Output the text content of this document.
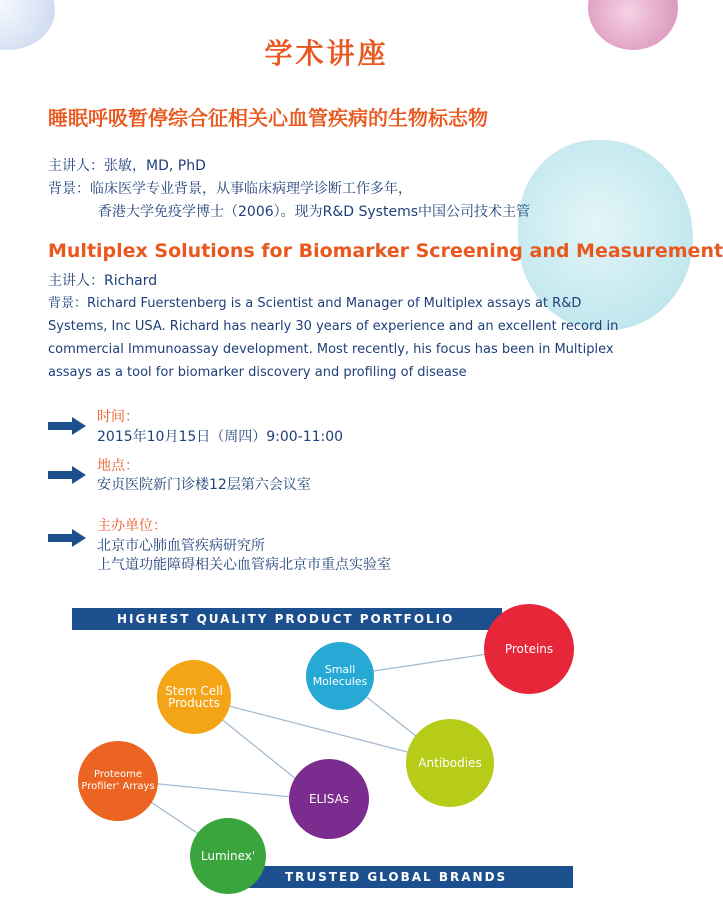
学术讲座
睡眠呼吸暂停综合征相关心血管疾病的生物标志物
主讲人：张敏，MD, PhD
背景：临床医学专业背景，从事临床病理学诊断工作多年，
香港大学免疫学博士（2006）。现为R&D Systems中国公司技术主管
Multiplex Solutions for Biomarker Screening and Measurement
主讲人：Richard
背景：Richard Fuerstenberg is a Scientist and Manager of Multiplex assays at R&D Systems, Inc USA. Richard has nearly 30 years of experience and an excellent record in commercial Immunoassay development. Most recently, his focus has been in Multiplex assays as a tool for biomarker discovery and profiling of disease
时间：
2015年10月15日（周四）9:00-11:00
地点：
安贞医院新门诊楼12层第六会议室
主办单位：
北京市心肺血管疾病研究所
上气道功能障碍相关心血管病北京市重点实验室
HIGHEST QUALITY PRODUCT PORTFOLIO
TRUSTED GLOBAL BRANDS
Proteins
Small
Molecules
Stem Cell
Products
Antibodies
Proteome
Profiler' Arrays
ELISAs
Luminex'
